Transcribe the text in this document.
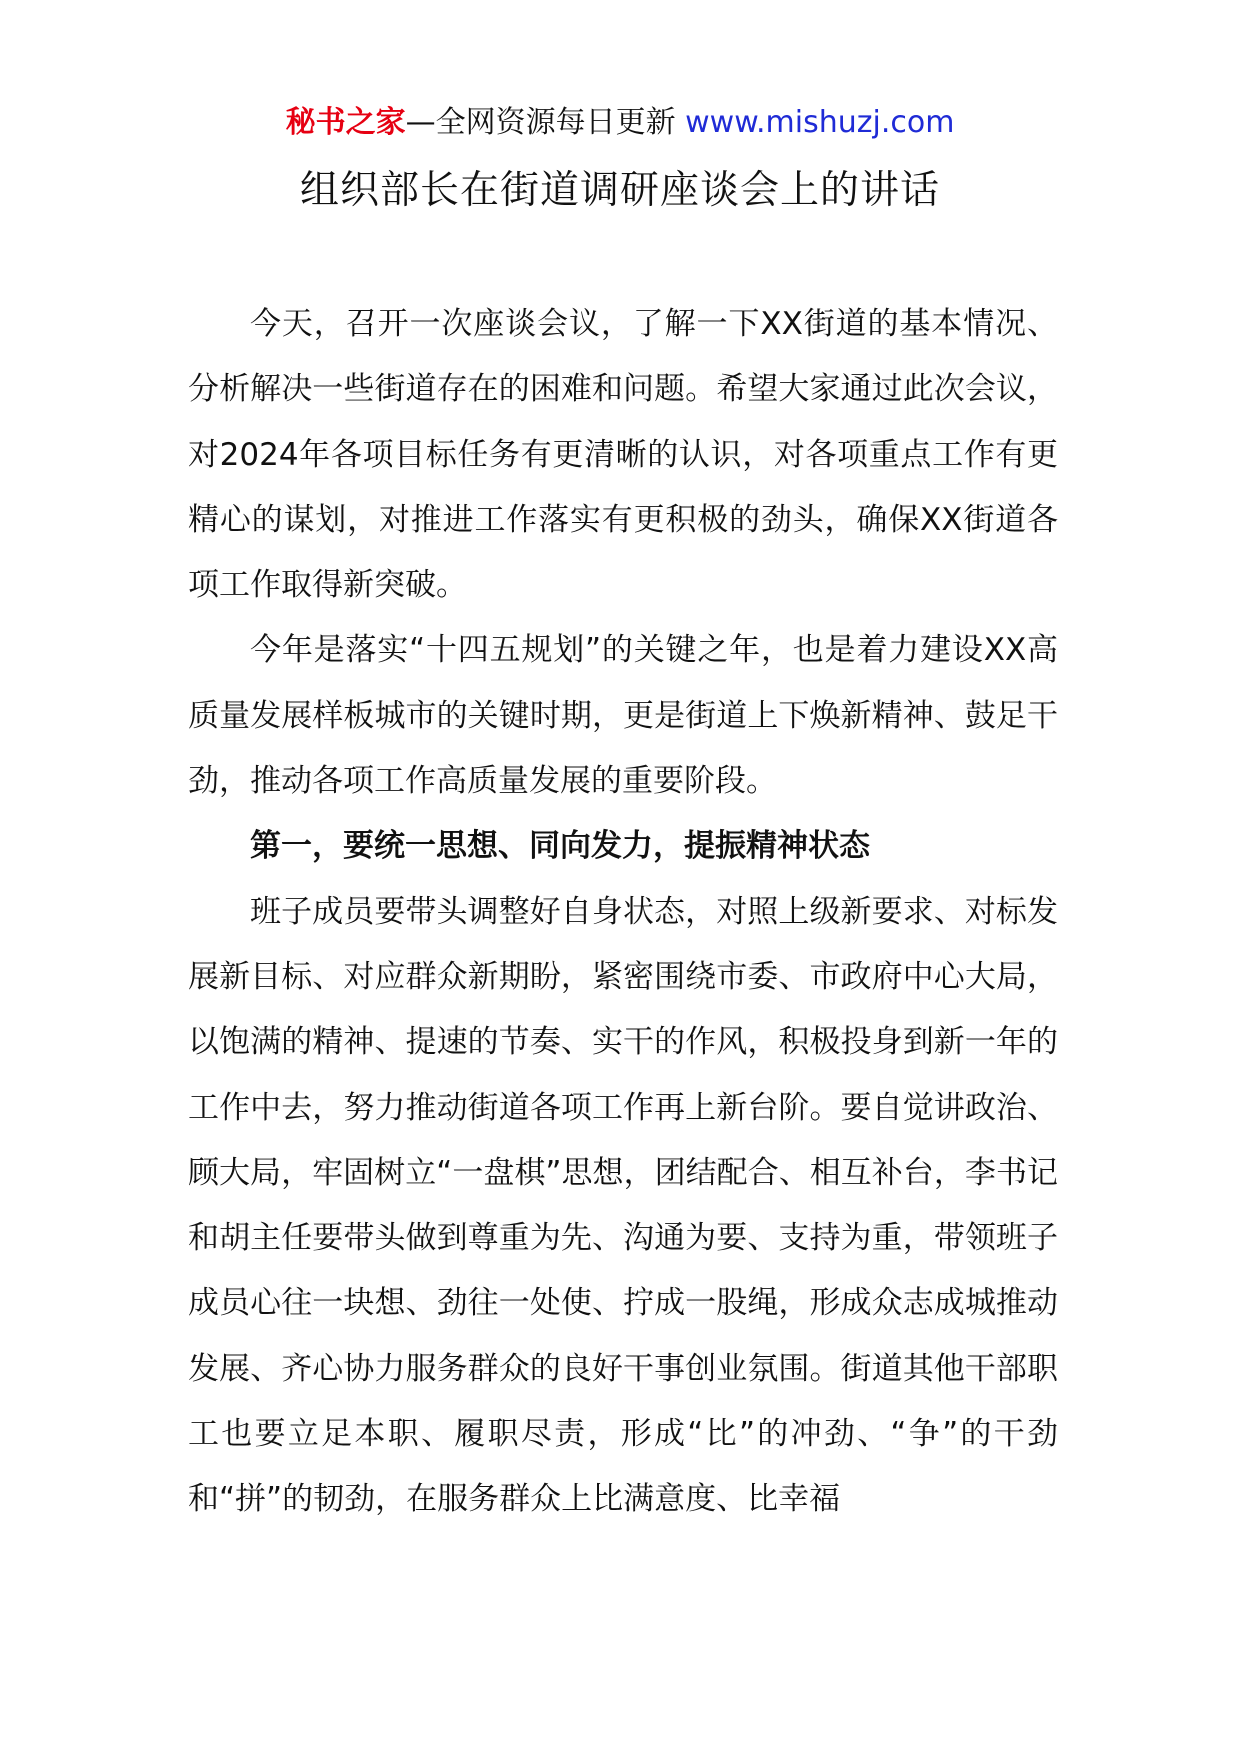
秘书之家—全网资源每日更新 www.mishuzj.com
组织部长在街道调研座谈会上的讲话

今天，召开一次座谈会议，了解一下XX街道的基本情况、分析解决一些街道存在的困难和问题。希望大家通过此次会议，对2024年各项目标任务有更清晰的认识，对各项重点工作有更精心的谋划，对推进工作落实有更积极的劲头，确保XX街道各项工作取得新突破。

今年是落实“十四五规划”的关键之年，也是着力建设XX高质量发展样板城市的关键时期，更是街道上下焕新精神、鼓足干劲，推动各项工作高质量发展的重要阶段。

第一，要统一思想、同向发力，提振精神状态

班子成员要带头调整好自身状态，对照上级新要求、对标发展新目标、对应群众新期盼，紧密围绕市委、市政府中心大局，以饱满的精神、提速的节奏、实干的作风，积极投身到新一年的工作中去，努力推动街道各项工作再上新台阶。要自觉讲政治、顾大局，牢固树立“一盘棋”思想，团结配合、相互补台，李书记和胡主任要带头做到尊重为先、沟通为要、支持为重，带领班子成员心往一块想、劲往一处使、拧成一股绳，形成众志成城推动发展、齐心协力服务群众的良好干事创业氛围。街道其他干部职工也要立足本职、履职尽责，形成“比”的冲劲、“争”的干劲和“拼”的韧劲，在服务群众上比满意度、比幸福
